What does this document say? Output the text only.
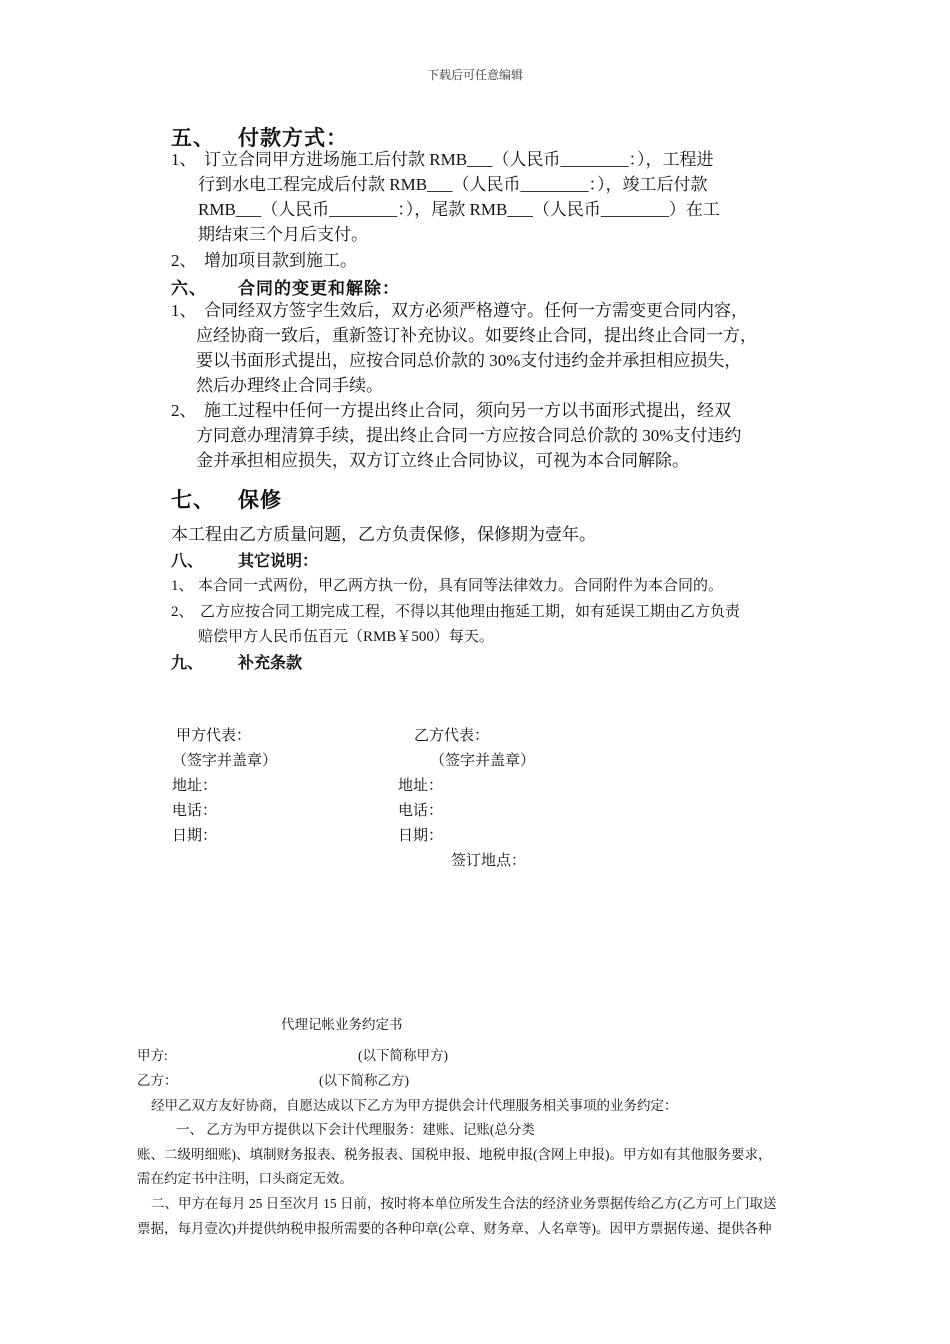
下载后可任意编辑
五、 付款方式：
1、 订立合同甲方进场施工后付款 RMB___（人民币________：），工程进
行到水电工程完成后付款 RMB___（人民币________：），竣工后付款
RMB___（人民币________：），尾款 RMB___（人民币________）在工
期结束三个月后支付。
2、 增加项目款到施工。
六、 合同的变更和解除：
1、 合同经双方签字生效后，双方必须严格遵守。任何一方需变更合同内容，
应经协商一致后，重新签订补充协议。如要终止合同，提出终止合同一方，
要以书面形式提出，应按合同总价款的 30%支付违约金并承担相应损失，
然后办理终止合同手续。
2、 施工过程中任何一方提出终止合同，须向另一方以书面形式提出，经双
方同意办理清算手续，提出终止合同一方应按合同总价款的 30%支付违约
金并承担相应损失，双方订立终止合同协议，可视为本合同解除。
七、 保修
本工程由乙方质量问题，乙方负责保修，保修期为壹年。
八、 其它说明：
1、 本合同一式两份，甲乙两方执一份，具有同等法律效力。合同附件为本合同的。
2、 乙方应按合同工期完成工程，不得以其他理由拖延工期，如有延误工期由乙方负责
赔偿甲方人民币伍百元（RMB￥500）每天。
九、 补充条款
甲方代表：	乙方代表：
（签字并盖章）	（签字并盖章）
地址：	地址：
电话：	电话：
日期：	日期：
签订地点：
代理记帐业务约定书
甲方:	(以下简称甲方)
乙方：	(以下简称乙方)
经甲乙双方友好协商，自愿达成以下乙方为甲方提供会计代理服务相关事项的业务约定：
一、 乙方为甲方提供以下会计代理服务：建账、记账(总分类
账、二级明细账)、填制财务报表、税务报表、国税申报、地税申报(含网上申报)。甲方如有其他服务要求，
需在约定书中注明，口头商定无效。
二、甲方在每月 25 日至次月 15 日前，按时将本单位所发生合法的经济业务票据传给乙方(乙方可上门取送
票据，每月壹次)并提供纳税申报所需要的各种印章(公章、财务章、人名章等)。因甲方票据传递、提供各种
